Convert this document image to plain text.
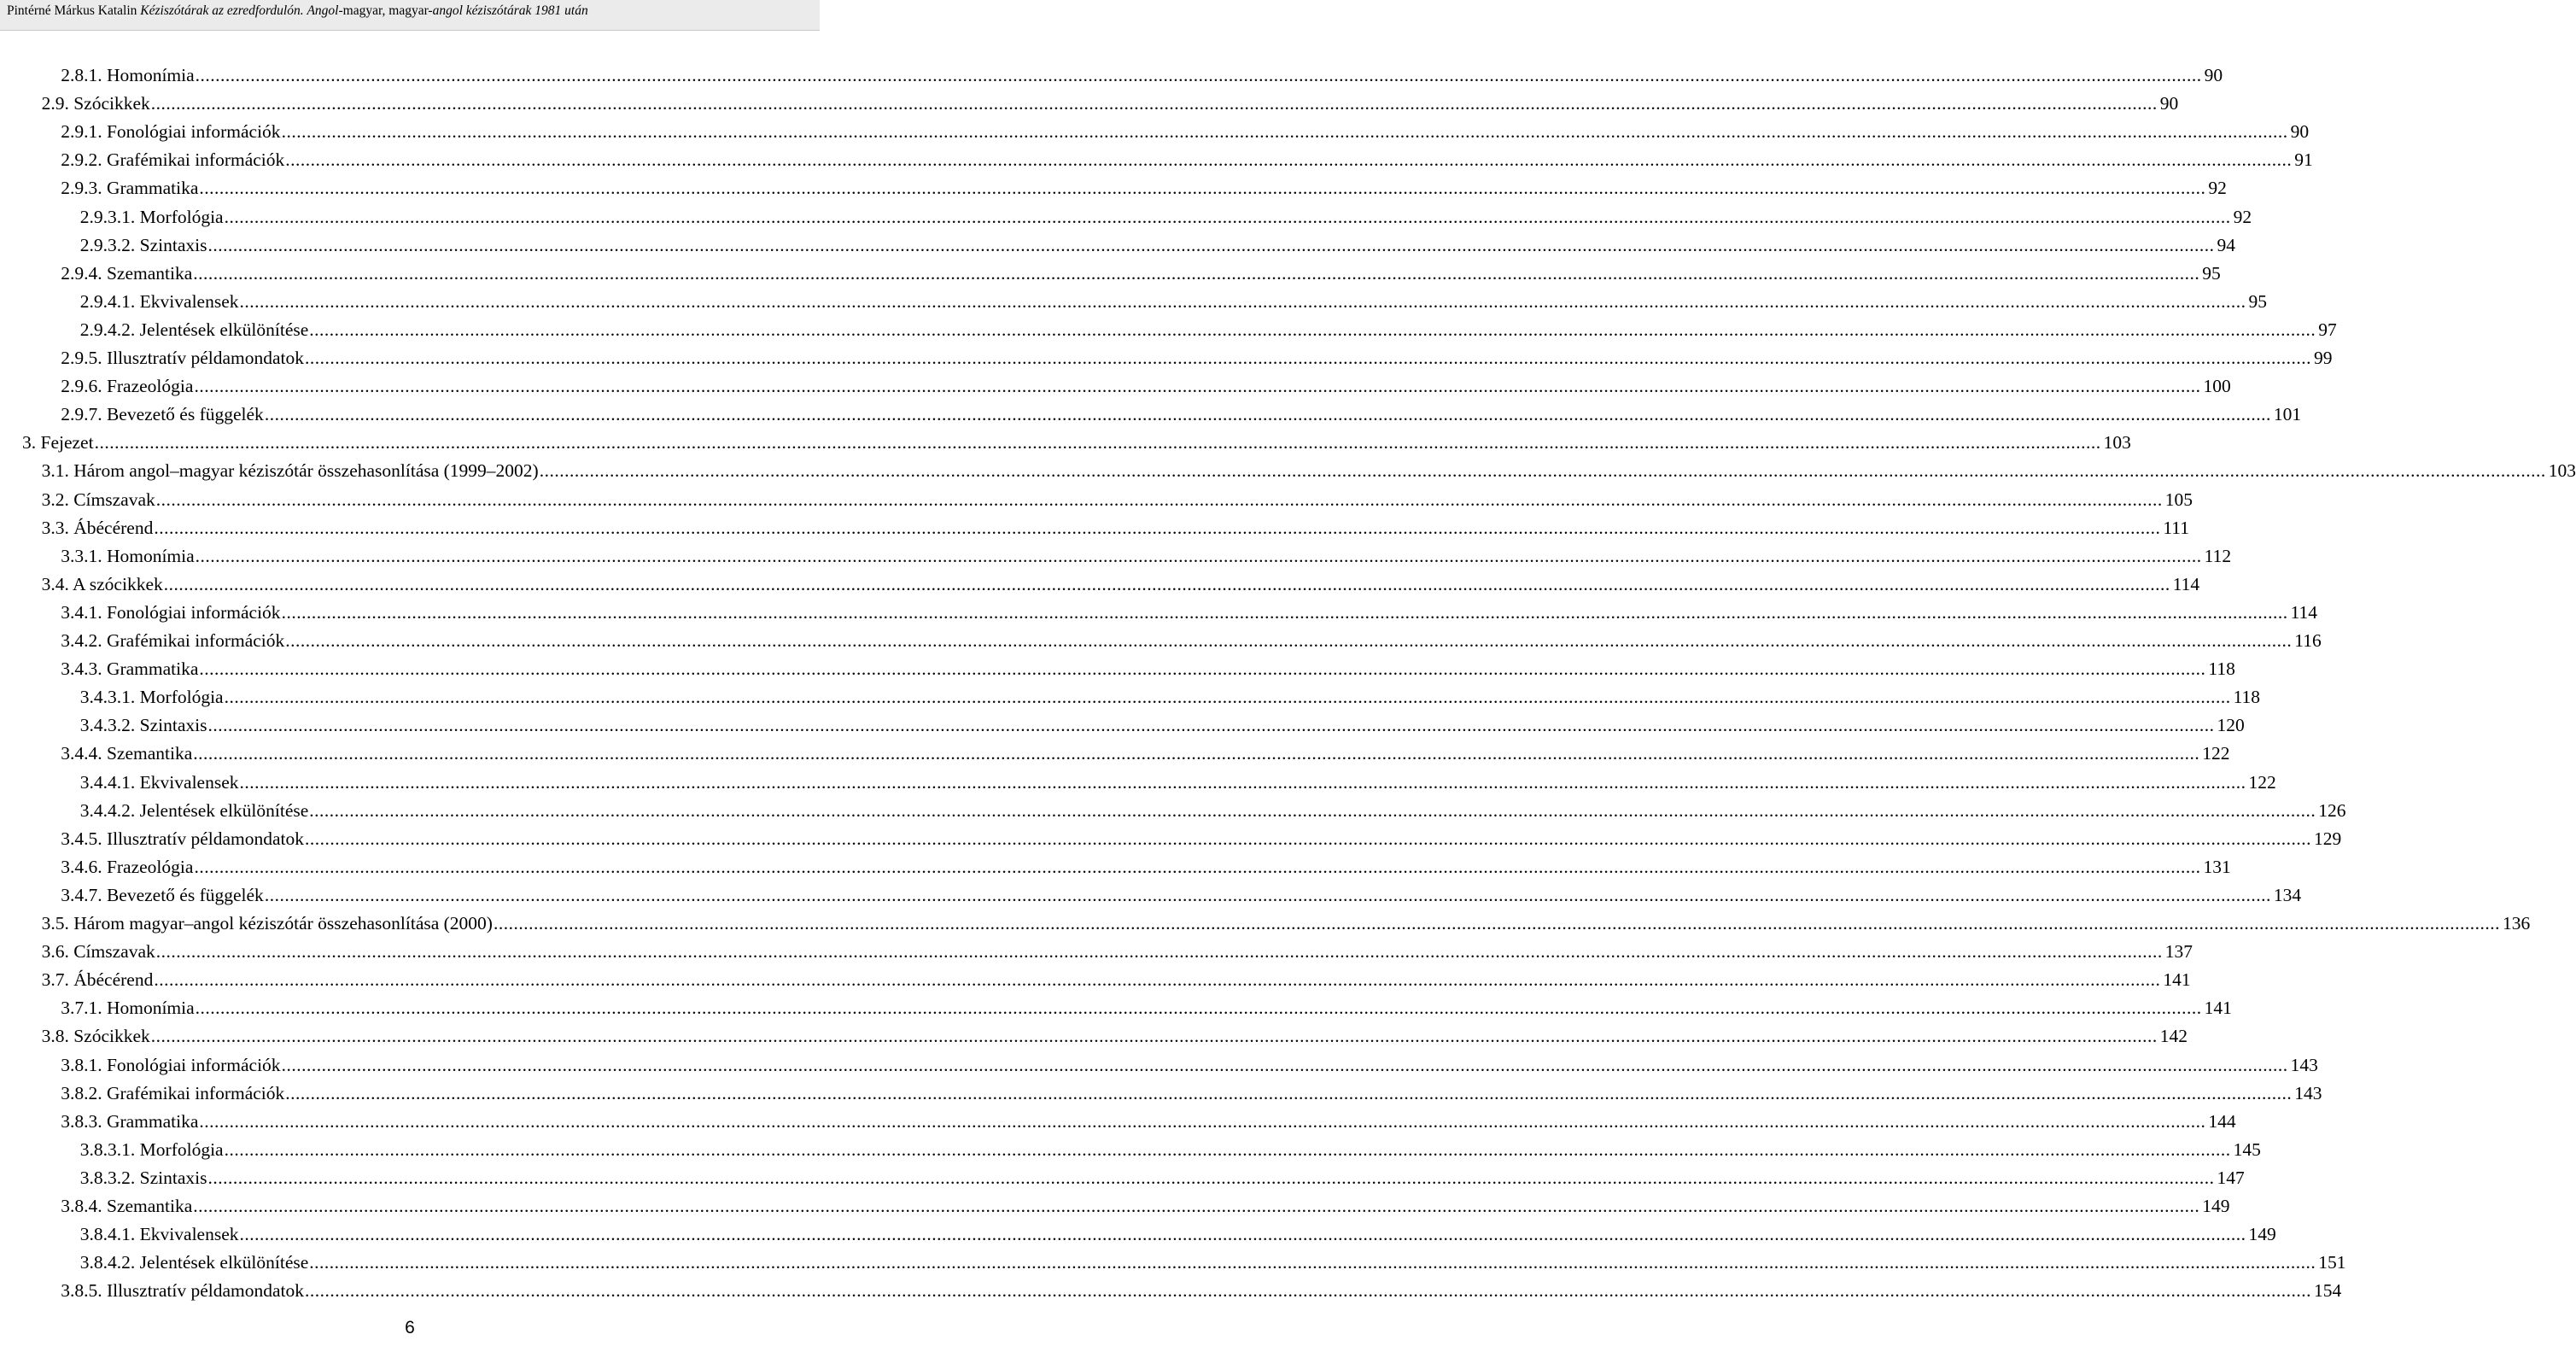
Pintérné Márkus Katalin Kéziszótárak az ezredfordulón. Angol-magyar, magyar-angol kéziszótárak 1981 után
2.8.1. Homonímia ................................................................................................................................................................................................................................................................................................................................................................................................................ 90
2.9. Szócikkek ................................................................................................................................................................................................................................................................................................................................................................................................................ 90
2.9.1. Fonológiai információk ................................................................................................................................................................................................................................................................................................................................................................................................................ 90
2.9.2. Grafémikai információk ................................................................................................................................................................................................................................................................................................................................................................................................................ 91
2.9.3. Grammatika ................................................................................................................................................................................................................................................................................................................................................................................................................ 92
2.9.3.1. Morfológia ................................................................................................................................................................................................................................................................................................................................................................................................................ 92
2.9.3.2. Szintaxis ................................................................................................................................................................................................................................................................................................................................................................................................................ 94
2.9.4. Szemantika ................................................................................................................................................................................................................................................................................................................................................................................................................ 95
2.9.4.1. Ekvivalensek ................................................................................................................................................................................................................................................................................................................................................................................................................ 95
2.9.4.2. Jelentések elkülönítése ................................................................................................................................................................................................................................................................................................................................................................................................................ 97
2.9.5. Illusztratív példamondatok ................................................................................................................................................................................................................................................................................................................................................................................................................ 99
2.9.6. Frazeológia ................................................................................................................................................................................................................................................................................................................................................................................................................ 100
2.9.7. Bevezető és függelék ................................................................................................................................................................................................................................................................................................................................................................................................................ 101
3. Fejezet ................................................................................................................................................................................................................................................................................................................................................................................................................ 103
3.1. Három angol–magyar kéziszótár összehasonlítása (1999–2002) ................................................................................................................................................................................................................................................................................................................................................................................................................ 103
3.2. Címszavak ................................................................................................................................................................................................................................................................................................................................................................................................................ 105
3.3. Ábécérend ................................................................................................................................................................................................................................................................................................................................................................................................................ 111
3.3.1. Homonímia ................................................................................................................................................................................................................................................................................................................................................................................................................ 112
3.4. A szócikkek ................................................................................................................................................................................................................................................................................................................................................................................................................ 114
3.4.1. Fonológiai információk ................................................................................................................................................................................................................................................................................................................................................................................................................ 114
3.4.2. Grafémikai információk ................................................................................................................................................................................................................................................................................................................................................................................................................ 116
3.4.3. Grammatika ................................................................................................................................................................................................................................................................................................................................................................................................................ 118
3.4.3.1. Morfológia ................................................................................................................................................................................................................................................................................................................................................................................................................ 118
3.4.3.2. Szintaxis ................................................................................................................................................................................................................................................................................................................................................................................................................ 120
3.4.4. Szemantika ................................................................................................................................................................................................................................................................................................................................................................................................................ 122
3.4.4.1. Ekvivalensek ................................................................................................................................................................................................................................................................................................................................................................................................................ 122
3.4.4.2. Jelentések elkülönítése ................................................................................................................................................................................................................................................................................................................................................................................................................ 126
3.4.5. Illusztratív példamondatok ................................................................................................................................................................................................................................................................................................................................................................................................................ 129
3.4.6. Frazeológia ................................................................................................................................................................................................................................................................................................................................................................................................................ 131
3.4.7. Bevezető és függelék ................................................................................................................................................................................................................................................................................................................................................................................................................ 134
3.5. Három magyar–angol kéziszótár összehasonlítása (2000) ................................................................................................................................................................................................................................................................................................................................................................................................................ 136
3.6. Címszavak ................................................................................................................................................................................................................................................................................................................................................................................................................ 137
3.7. Ábécérend ................................................................................................................................................................................................................................................................................................................................................................................................................ 141
3.7.1. Homonímia ................................................................................................................................................................................................................................................................................................................................................................................................................ 141
3.8. Szócikkek ................................................................................................................................................................................................................................................................................................................................................................................................................ 142
3.8.1. Fonológiai információk ................................................................................................................................................................................................................................................................................................................................................................................................................ 143
3.8.2. Grafémikai információk ................................................................................................................................................................................................................................................................................................................................................................................................................ 143
3.8.3. Grammatika ................................................................................................................................................................................................................................................................................................................................................................................................................ 144
3.8.3.1. Morfológia ................................................................................................................................................................................................................................................................................................................................................................................................................ 145
3.8.3.2. Szintaxis ................................................................................................................................................................................................................................................................................................................................................................................................................ 147
3.8.4. Szemantika ................................................................................................................................................................................................................................................................................................................................................................................................................ 149
3.8.4.1. Ekvivalensek ................................................................................................................................................................................................................................................................................................................................................................................................................ 149
3.8.4.2. Jelentések elkülönítése ................................................................................................................................................................................................................................................................................................................................................................................................................ 151
3.8.5. Illusztratív példamondatok ................................................................................................................................................................................................................................................................................................................................................................................................................ 154
6
